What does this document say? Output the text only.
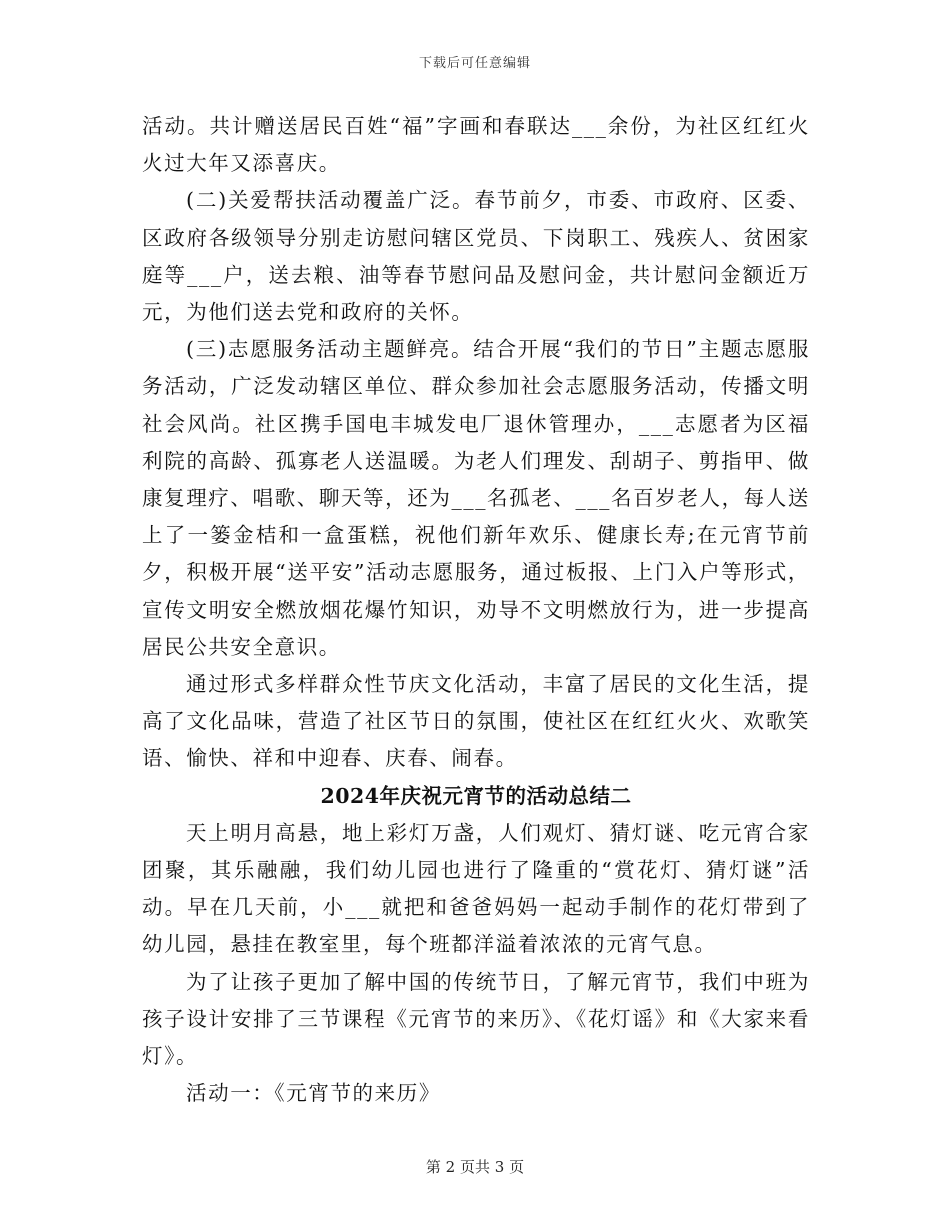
下载后可任意编辑

活动。共计赠送居民百姓“福”字画和春联达___余份，为社区红红火火过大年又添喜庆。

(二)关爱帮扶活动覆盖广泛。春节前夕，市委、市政府、区委、区政府各级领导分别走访慰问辖区党员、下岗职工、残疾人、贫困家庭等___户，送去粮、油等春节慰问品及慰问金，共计慰问金额近万元，为他们送去党和政府的关怀。

(三)志愿服务活动主题鲜亮。结合开展“我们的节日”主题志愿服务活动，广泛发动辖区单位、群众参加社会志愿服务活动，传播文明社会风尚。社区携手国电丰城发电厂退休管理办，___志愿者为区福利院的高龄、孤寡老人送温暖。为老人们理发、刮胡子、剪指甲、做康复理疗、唱歌、聊天等，还为___名孤老、___名百岁老人，每人送上了一篓金桔和一盒蛋糕，祝他们新年欢乐、健康长寿;在元宵节前夕，积极开展“送平安”活动志愿服务，通过板报、上门入户等形式，宣传文明安全燃放烟花爆竹知识，劝导不文明燃放行为，进一步提高居民公共安全意识。

通过形式多样群众性节庆文化活动，丰富了居民的文化生活，提高了文化品味，营造了社区节日的氛围，使社区在红红火火、欢歌笑语、愉快、祥和中迎春、庆春、闹春。

2024年庆祝元宵节的活动总结二

天上明月高悬，地上彩灯万盏，人们观灯、猜灯谜、吃元宵合家团聚，其乐融融，我们幼儿园也进行了隆重的“赏花灯、猜灯谜”活动。早在几天前，小___就把和爸爸妈妈一起动手制作的花灯带到了幼儿园，悬挂在教室里，每个班都洋溢着浓浓的元宵气息。

为了让孩子更加了解中国的传统节日，了解元宵节，我们中班为孩子设计安排了三节课程《元宵节的来历》、《花灯谣》和《大家来看灯》。

活动一：《元宵节的来历》

第 2 页共 3 页
